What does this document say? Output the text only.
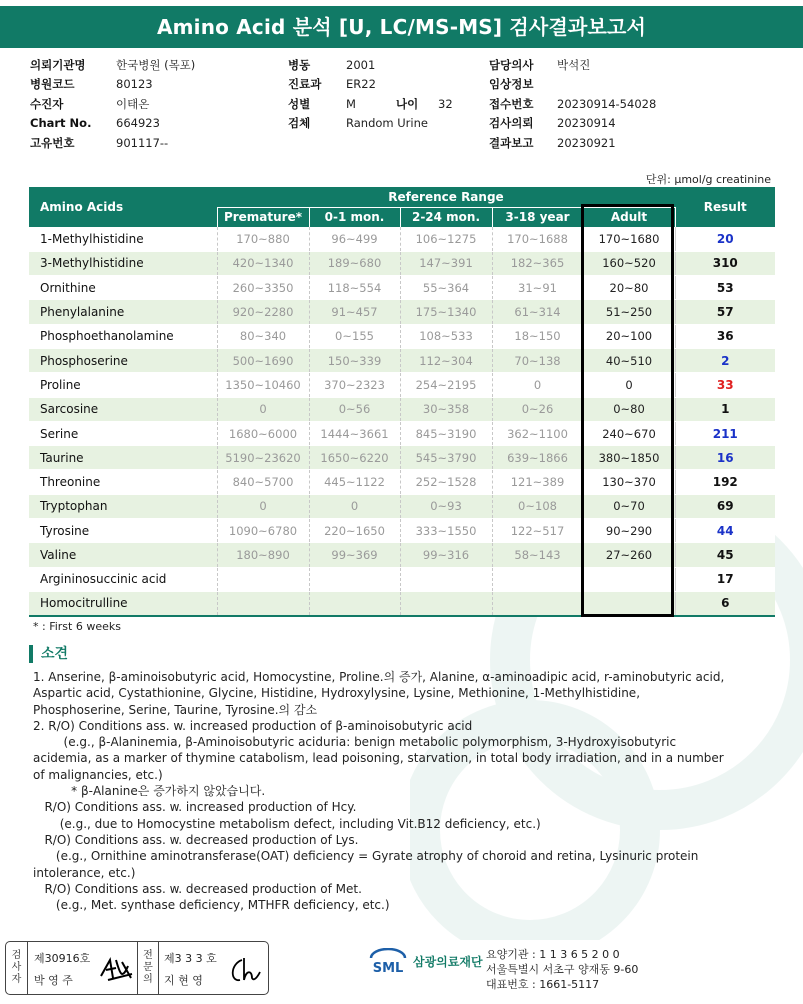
Amino Acid 분석 [U, LC/MS-MS] 검사결과보고서
의뢰기관명	한국병원 (목포)
병원코드	80123
수진자	이태온
Chart No.	664923
고유번호	901117--
병동	2001
진료과	ER22
성별	M	나이	32
검체	Random Urine
담당의사	박석진
임상정보
접수번호	20230914-54028
검사의뢰	20230914
결과보고	20230921
단위: μmol/g creatinine
Amino Acids	Reference Range					Result
	Premature*	0-1 mon.	2-24 mon.	3-18 year	Adult	
1-Methylhistidine	170~880	96~499	106~1275	170~1688	170~1680	20
3-Methylhistidine	420~1340	189~680	147~391	182~365	160~520	310
Ornithine	260~3350	118~554	55~364	31~91	20~80	53
Phenylalanine	920~2280	91~457	175~1340	61~314	51~250	57
Phosphoethanolamine	80~340	0~155	108~533	18~150	20~100	36
Phosphoserine	500~1690	150~339	112~304	70~138	40~510	2
Proline	1350~10460	370~2323	254~2195	0	0	33
Sarcosine	0	0~56	30~358	0~26	0~80	1
Serine	1680~6000	1444~3661	845~3190	362~1100	240~670	211
Taurine	5190~23620	1650~6220	545~3790	639~1866	380~1850	16
Threonine	840~5700	445~1122	252~1528	121~389	130~370	192
Tryptophan	0	0	0~93	0~108	0~70	69
Tyrosine	1090~6780	220~1650	333~1550	122~517	90~290	44
Valine	180~890	99~369	99~316	58~143	27~260	45
Argininosuccinic acid						17
Homocitrulline						6
* : First 6 weeks
소견

1. Anserine, β-aminoisobutyric acid, Homocystine, Proline.의 증가, Alanine, α-aminoadipic acid, r-aminobutyric acid,

Aspartic acid, Cystathionine, Glycine, Histidine, Hydroxylysine, Lysine, Methionine, 1-Methylhistidine,

Phosphoserine, Serine, Taurine, Tyrosine.의 감소

2. R/O) Conditions ass. w. increased production of β-aminoisobutyric acid

(e.g., β-Alaninemia, β-Aminoisobutyric aciduria: benign metabolic polymorphism, 3-Hydroxyisobutyric

acidemia, as a marker of thymine catabolism, lead poisoning, starvation, in total body irradiation, and in a number

of malignancies, etc.)

* β-Alanine은 증가하지 않았습니다.

R/O) Conditions ass. w. increased production of Hcy.

(e.g., due to Homocystine metabolism defect, including Vit.B12 deficiency, etc.)

R/O) Conditions ass. w. decreased production of Lys.

(e.g., Ornithine aminotransferase(OAT) deficiency = Gyrate atrophy of choroid and retina, Lysinuric protein

intolerance, etc.)

R/O) Conditions ass. w. decreased production of Met.

(e.g., Met. synthase deficiency, MTHFR deficiency, etc.)

검
사
자
제30916호
박 영 주
전
문
의
제3 3 3 호
지 현 영
SML 삼광의료재단 요양기관 : 1 1 3 6 5 2 0 0
서울특별시 서초구 양재동 9-60
대표번호 : 1661-5117
